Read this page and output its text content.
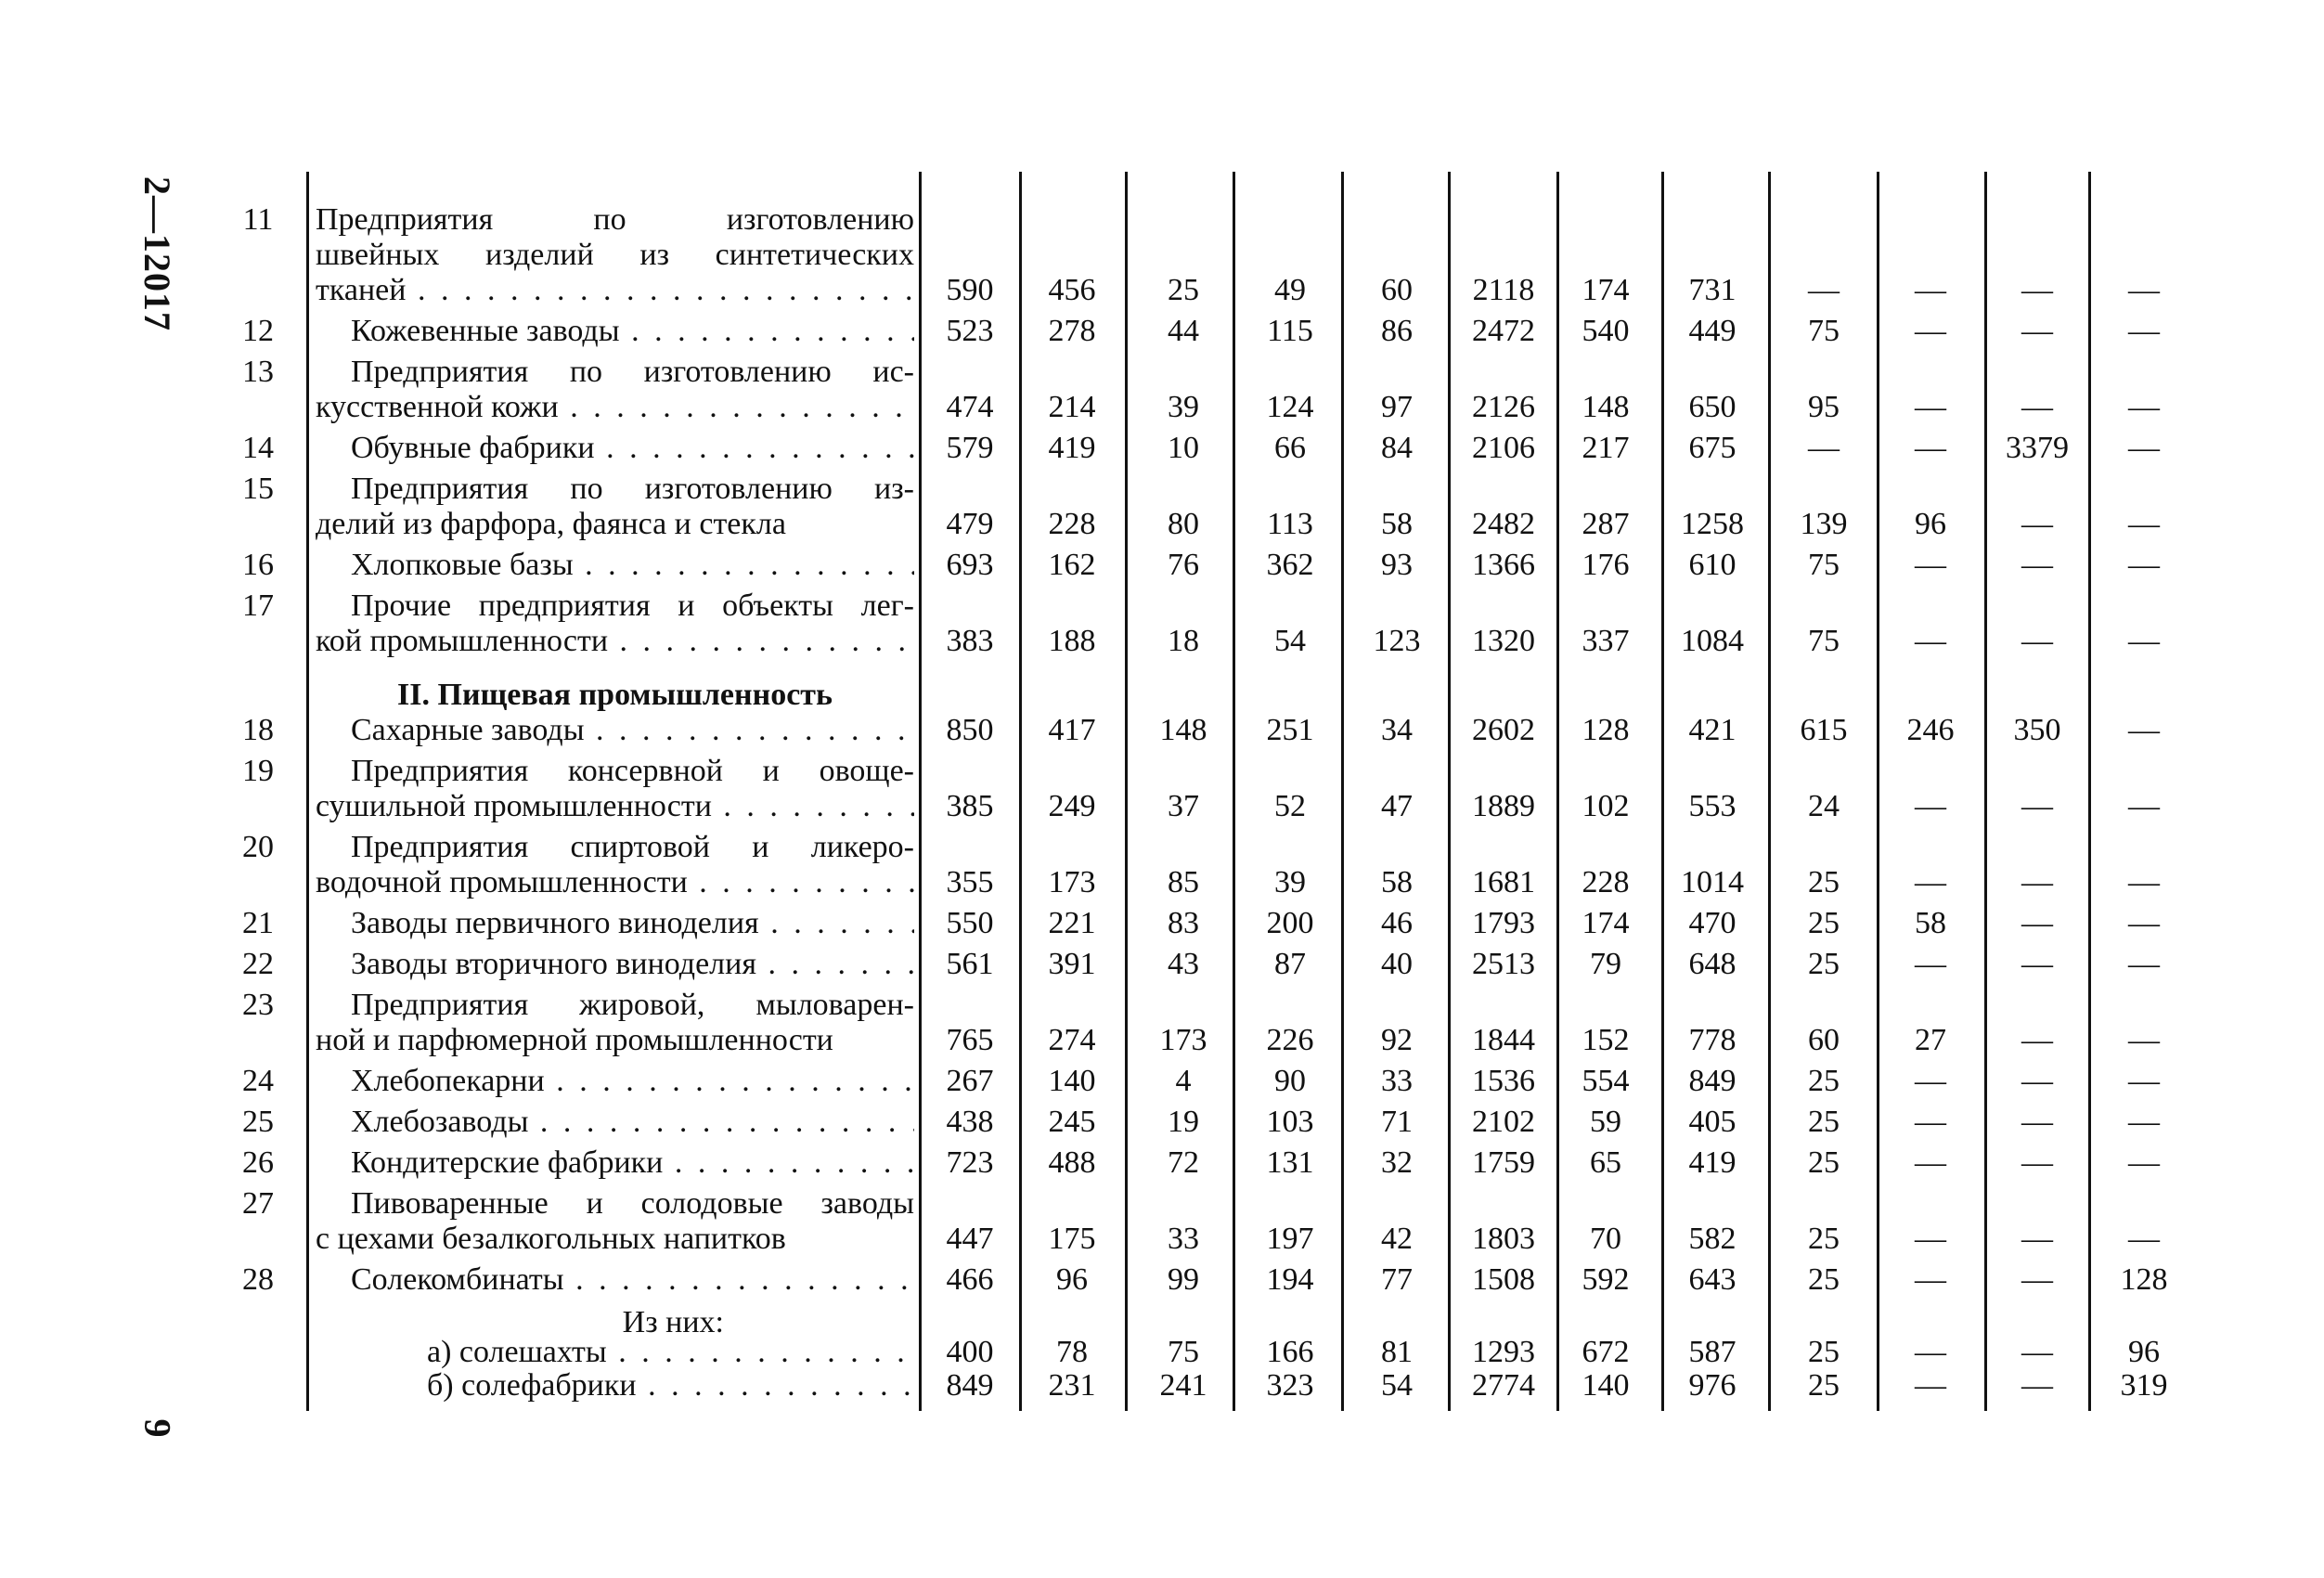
2—12017
9
11	Предприятия по изготовлению
швейных изделий из синтетических
тканей . . .	590	456	25	49	60	2118	174	731	—	—	—	—
12	Кожевенные заводы . . .	523	278	44	115	86	2472	540	449	75	—	—	—
13	Предприятия по изготовлению ис-
кусственной кожи . . .	474	214	39	124	97	2126	148	650	95	—	—	—
14	Обувные фабрики . . .	579	419	10	66	84	2106	217	675	—	—	3379	—
15	Предприятия по изготовлению из-
делий из фарфора, фаянса и стекла	479	228	80	113	58	2482	287	1258	139	96	—	—
16	Хлопковые базы . . .	693	162	76	362	93	1366	176	610	75	—	—	—
17	Прочие предприятия и объекты лег-
кой промышленности . . .	383	188	18	54	123	1320	337	1084	75	—	—	—
II. Пищевая промышленность
18	Сахарные заводы . . .	850	417	148	251	34	2602	128	421	615	246	350	—
19	Предприятия консервной и овоще-
сушильной промышленности . . .	385	249	37	52	47	1889	102	553	24	—	—	—
20	Предприятия спиртовой и ликеро-
водочной промышленности . . .	355	173	85	39	58	1681	228	1014	25	—	—	—
21	Заводы первичного виноделия . . .	550	221	83	200	46	1793	174	470	25	58	—	—
22	Заводы вторичного виноделия . . .	561	391	43	87	40	2513	79	648	25	—	—	—
23	Предприятия жировой, мыловарен-
ной и парфюмерной промышленности	765	274	173	226	92	1844	152	778	60	27	—	—
24	Хлебопекарни . . .	267	140	4	90	33	1536	554	849	25	—	—	—
25	Хлебозаводы . . .	438	245	19	103	71	2102	59	405	25	—	—	—
26	Кондитерские фабрики . . .	723	488	72	131	32	1759	65	419	25	—	—	—
27	Пивоваренные и солодовые заводы
с цехами безалкогольных напитков	447	175	33	197	42	1803	70	582	25	—	—	—
28	Солекомбинаты . . .	466	96	99	194	77	1508	592	643	25	—	—	128
Из них:
а) солешахты . . .	400	78	75	166	81	1293	672	587	25	—	—	96
б) солефабрики . . .	849	231	241	323	54	2774	140	976	25	—	—	319
